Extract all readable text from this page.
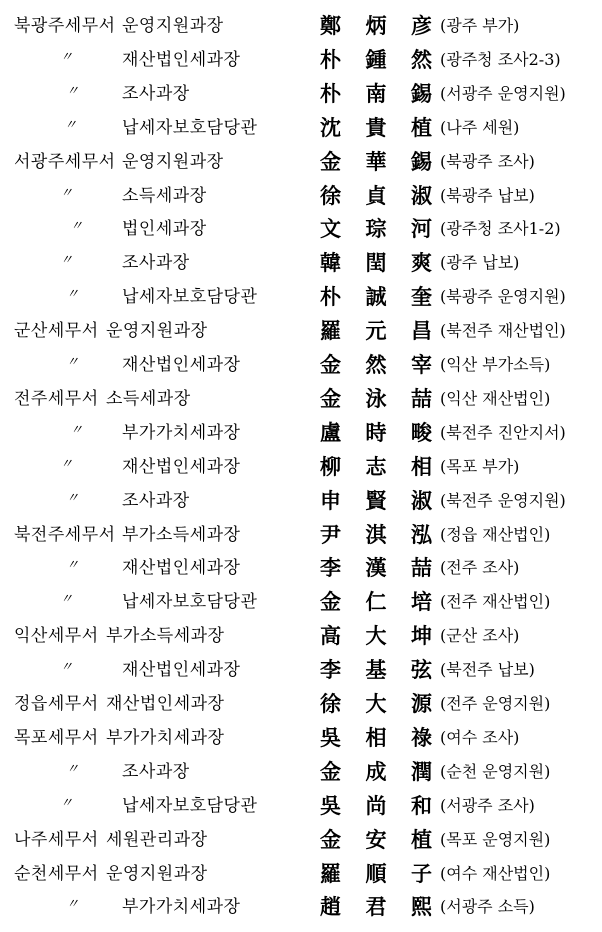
북광주세무서 운영지원과장	鄭 炳 彦 (광주 부가)
〃	재산법인세과장	朴 鍾 然 (광주청 조사2-3)
〃	조사과장	朴 南 錫 (서광주 운영지원)
〃	납세자보호담당관	沈 貴 植 (나주 세원)
서광주세무서 운영지원과장	金 華 錫 (북광주 조사)
〃	소득세과장	徐 貞 淑 (북광주 납보)
〃 법인세과장	文 琮 河 (광주청 조사1-2)
〃	조사과장	韓 閏 爽 (광주 납보)
〃	납세자보호담당관	朴 誠 奎 (북광주 운영지원)
군산세무서 운영지원과장	羅 元 昌 (북전주 재산법인)
〃	재산법인세과장	金 然 宰 (익산 부가소득)
전주세무서 소득세과장	金 泳 喆 (익산 재산법인)
〃 부가가치세과장	盧 時 畯 (북전주 진안지서)
〃	재산법인세과장	柳 志 相 (목포 부가)
〃	조사과장	申 賢 淑 (북전주 운영지원)
북전주세무서 부가소득세과장	尹 淇 泓 (정읍 재산법인)
〃	재산법인세과장	李 漢 喆 (전주 조사)
〃	납세자보호담당관	金 仁 培 (전주 재산법인)
익산세무서 부가소득세과장	高 大 坤 (군산 조사)
〃	재산법인세과장	李 基 弦 (북전주 납보)
정읍세무서 재산법인세과장	徐 大 源 (전주 운영지원)
목포세무서 부가가치세과장	吳 相 祿 (여수 조사)
〃	조사과장	金 成 潤 (순천 운영지원)
〃	납세자보호담당관	吳 尚 和 (서광주 조사)
나주세무서 세원관리과장	金 安 植 (목포 운영지원)
순천세무서 운영지원과장	羅 順 子 (여수 재산법인)
〃	부가가치세과장	趙 君 熙 (서광주 소득)
